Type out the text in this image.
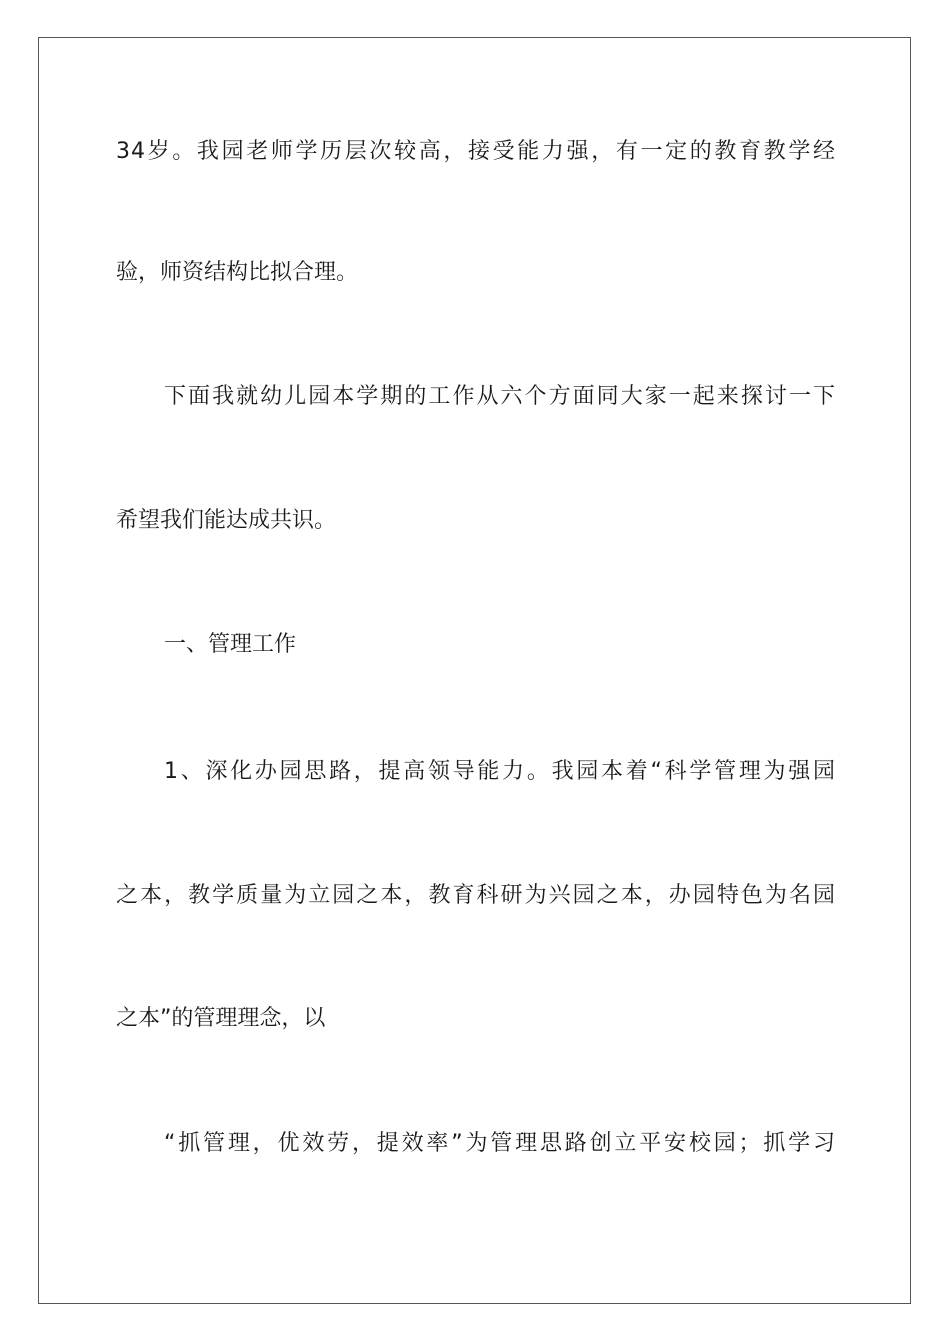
34岁。我园老师学历层次较高，接受能力强，有一定的教育教学经
验，师资结构比拟合理。
下面我就幼儿园本学期的工作从六个方面同大家一起来探讨一下
希望我们能达成共识。
一、管理工作
1、深化办园思路，提高领导能力。我园本着“科学管理为强园
之本，教学质量为立园之本，教育科研为兴园之本，办园特色为名园
之本”的管理理念，以
“抓管理，优效劳，提效率”为管理思路创立平安校园；抓学习
